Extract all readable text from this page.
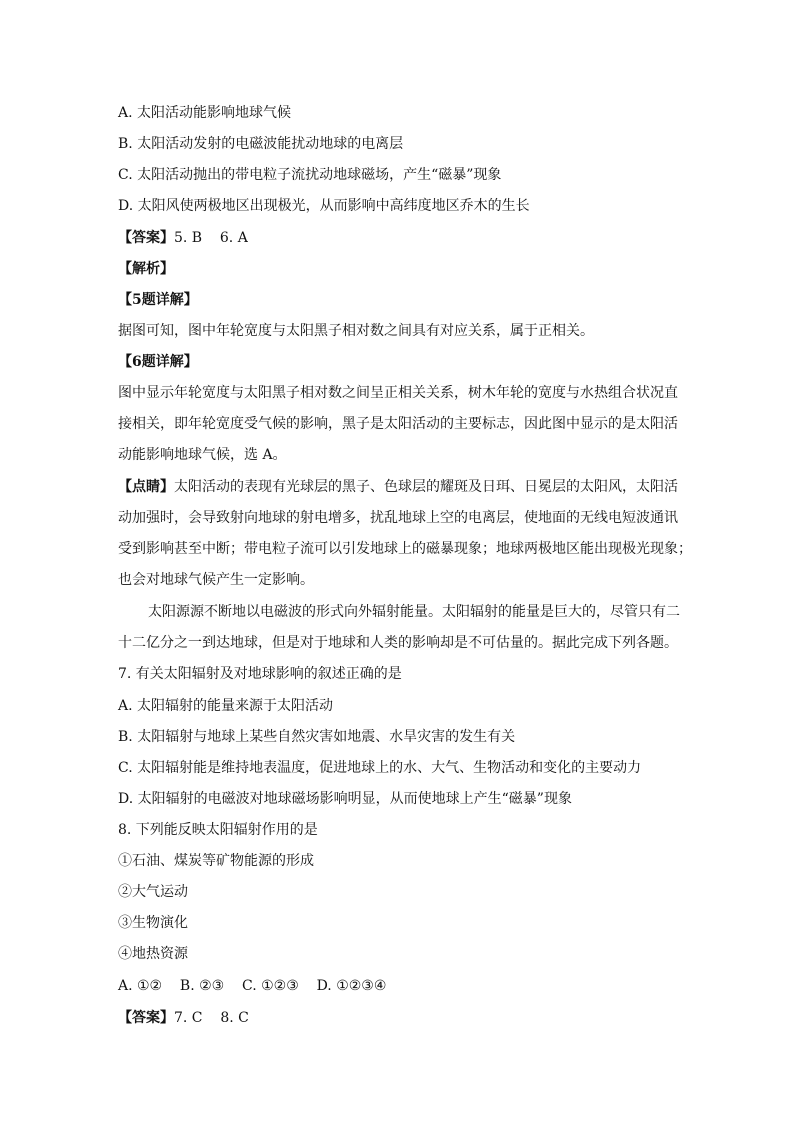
A. 太阳活动能影响地球气候
B. 太阳活动发射的电磁波能扰动地球的电离层
C. 太阳活动抛出的带电粒子流扰动地球磁场，产生“磁暴”现象
D. 太阳风使两极地区出现极光，从而影响中高纬度地区乔木的生长
【答案】5. B    6. A
【解析】
【5题详解】
据图可知，图中年轮宽度与太阳黑子相对数之间具有对应关系，属于正相关。
【6题详解】
图中显示年轮宽度与太阳黑子相对数之间呈正相关关系，树木年轮的宽度与水热组合状况直
接相关，即年轮宽度受气候的影响，黑子是太阳活动的主要标志，因此图中显示的是太阳活
动能影响地球气候，选 A。
【点睛】太阳活动的表现有光球层的黑子、色球层的耀斑及日珥、日冕层的太阳风，太阳活
动加强时，会导致射向地球的射电增多，扰乱地球上空的电离层，使地面的无线电短波通讯
受到影响甚至中断；带电粒子流可以引发地球上的磁暴现象；地球两极地区能出现极光现象；
也会对地球气候产生一定影响。
太阳源源不断地以电磁波的形式向外辐射能量。太阳辐射的能量是巨大的，尽管只有二
十二亿分之一到达地球，但是对于地球和人类的影响却是不可估量的。据此完成下列各题。
7. 有关太阳辐射及对地球影响的叙述正确的是
A. 太阳辐射的能量来源于太阳活动
B. 太阳辐射与地球上某些自然灾害如地震、水旱灾害的发生有关
C. 太阳辐射能是维持地表温度，促进地球上的水、大气、生物活动和变化的主要动力
D. 太阳辐射的电磁波对地球磁场影响明显，从而使地球上产生“磁暴”现象
8. 下列能反映太阳辐射作用的是
①石油、煤炭等矿物能源的形成
②大气运动
③生物演化
④地热资源
A. ①②    B. ②③    C. ①②③    D. ①②③④
【答案】7. C    8. C
